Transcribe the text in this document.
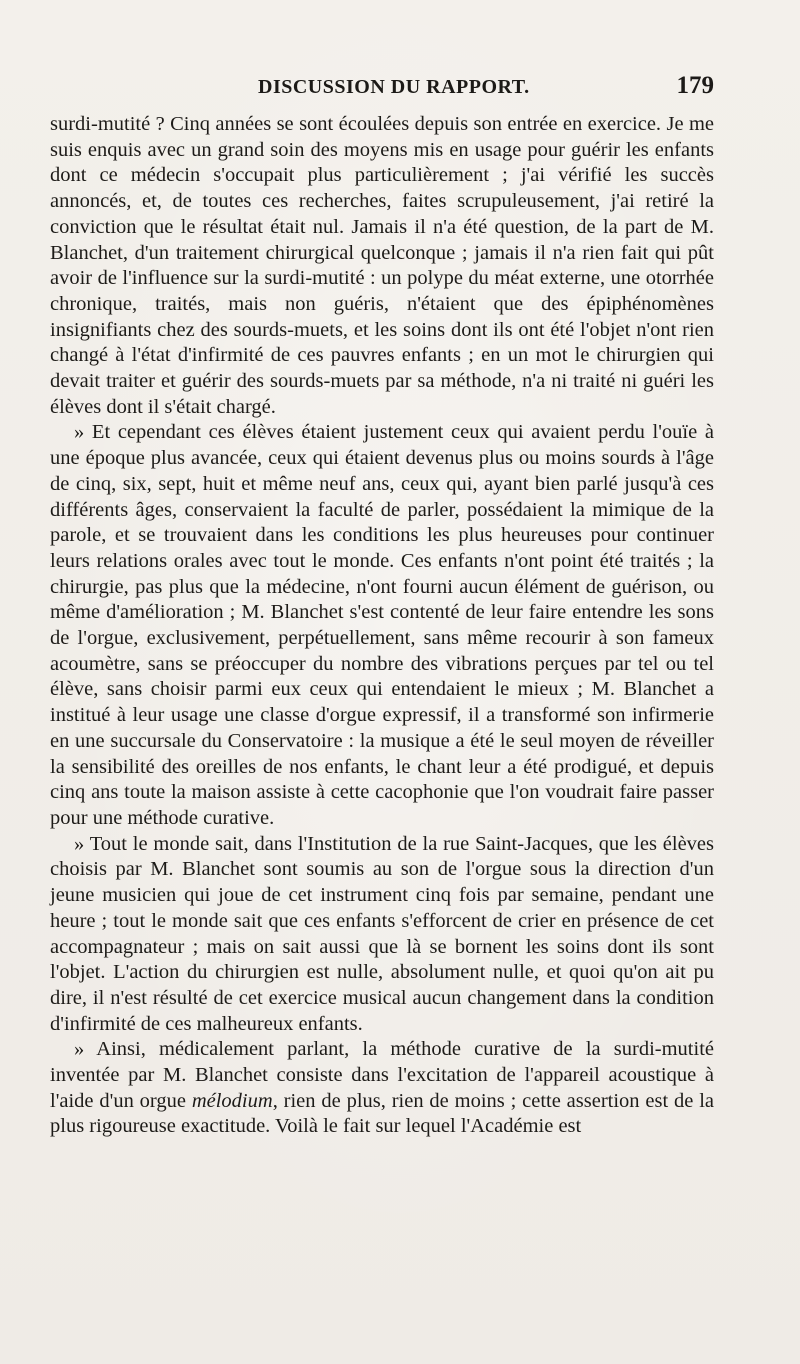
DISCUSSION DU RAPPORT.	179

surdi-mutité ? Cinq années se sont écoulées depuis son entrée en exercice. Je me suis enquis avec un grand soin des moyens mis en usage pour guérir les enfants dont ce médecin s'occupait plus particulièrement ; j'ai vérifié les succès annoncés, et, de toutes ces recherches, faites scrupuleusement, j'ai retiré la conviction que le résultat était nul. Jamais il n'a été question, de la part de M. Blanchet, d'un traitement chirurgical quelconque ; jamais il n'a rien fait qui pût avoir de l'influence sur la surdi-mutité : un polype du méat externe, une otorrhée chronique, traités, mais non guéris, n'étaient que des épiphénomènes insignifiants chez des sourds-muets, et les soins dont ils ont été l'objet n'ont rien changé à l'état d'infirmité de ces pauvres enfants ; en un mot le chirurgien qui devait traiter et guérir des sourds-muets par sa méthode, n'a ni traité ni guéri les élèves dont il s'était chargé.

» Et cependant ces élèves étaient justement ceux qui avaient perdu l'ouïe à une époque plus avancée, ceux qui étaient devenus plus ou moins sourds à l'âge de cinq, six, sept, huit et même neuf ans, ceux qui, ayant bien parlé jusqu'à ces différents âges, conservaient la faculté de parler, possédaient la mimique de la parole, et se trouvaient dans les conditions les plus heureuses pour continuer leurs relations orales avec tout le monde. Ces enfants n'ont point été traités ; la chirurgie, pas plus que la médecine, n'ont fourni aucun élément de guérison, ou même d'amélioration ; M. Blanchet s'est contenté de leur faire entendre les sons de l'orgue, exclusivement, perpétuellement, sans même recourir à son fameux acoumètre, sans se préoccuper du nombre des vibrations perçues par tel ou tel élève, sans choisir parmi eux ceux qui entendaient le mieux ; M. Blanchet a institué à leur usage une classe d'orgue expressif, il a transformé son infirmerie en une succursale du Conservatoire : la musique a été le seul moyen de réveiller la sensibilité des oreilles de nos enfants, le chant leur a été prodigué, et depuis cinq ans toute la maison assiste à cette cacophonie que l'on voudrait faire passer pour une méthode curative.

» Tout le monde sait, dans l'Institution de la rue Saint-Jacques, que les élèves choisis par M. Blanchet sont soumis au son de l'orgue sous la direction d'un jeune musicien qui joue de cet instrument cinq fois par semaine, pendant une heure ; tout le monde sait que ces enfants s'efforcent de crier en présence de cet accompagnateur ; mais on sait aussi que là se bornent les soins dont ils sont l'objet. L'action du chirurgien est nulle, absolument nulle, et quoi qu'on ait pu dire, il n'est résulté de cet exercice musical aucun changement dans la condition d'infirmité de ces malheureux enfants.

» Ainsi, médicalement parlant, la méthode curative de la surdi-mutité inventée par M. Blanchet consiste dans l'excitation de l'appareil acoustique à l'aide d'un orgue mélodium, rien de plus, rien de moins ; cette assertion est de la plus rigoureuse exactitude. Voilà le fait sur lequel l'Académie est
